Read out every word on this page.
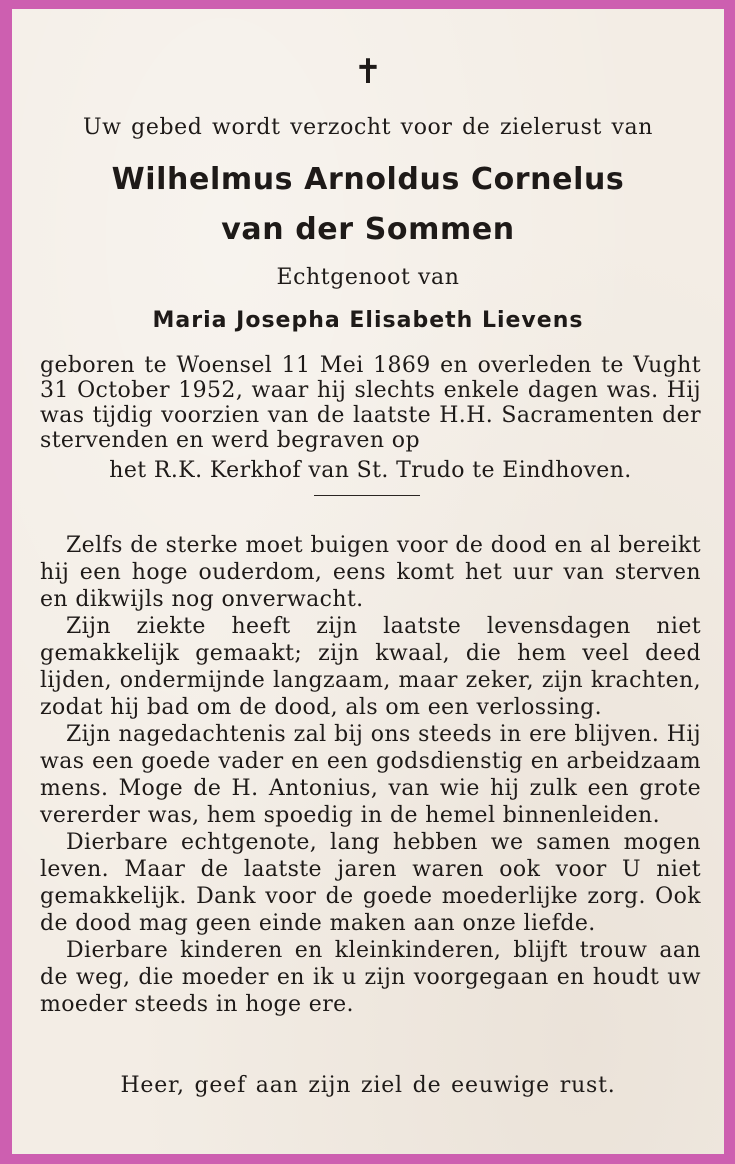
✝
Uw gebed wordt verzocht voor de zielerust van
Wilhelmus Arnoldus Cornelus
van der Sommen
Echtgenoot van
Maria Josepha Elisabeth Lievens
geboren te Woensel 11 Mei 1869 en overleden te Vught 31 October 1952, waar hij slechts enkele dagen was. Hij was tijdig voorzien van de laatste H.H. Sacramenten der stervenden en werd begraven op
het R.K. Kerkhof van St. Trudo te Eindhoven.

Zelfs de sterke moet buigen voor de dood en al bereikt hij een hoge ouderdom, eens komt het uur van sterven en dikwijls nog onverwacht.

Zijn ziekte heeft zijn laatste levensdagen niet gemakkelijk gemaakt; zijn kwaal, die hem veel deed lijden, ondermijnde langzaam, maar zeker, zijn krachten, zodat hij bad om de dood, als om een verlossing.

Zijn nagedachtenis zal bij ons steeds in ere blijven. Hij was een goede vader en een godsdienstig en arbeidzaam mens. Moge de H. Antonius, van wie hij zulk een grote vererder was, hem spoedig in de hemel binnenleiden.

Dierbare echtgenote, lang hebben we samen mogen leven. Maar de laatste jaren waren ook voor U niet gemakkelijk. Dank voor de goede moederlijke zorg. Ook de dood mag geen einde maken aan onze liefde.

Dierbare kinderen en kleinkinderen, blijft trouw aan de weg, die moeder en ik u zijn voorgegaan en houdt uw moeder steeds in hoge ere.

Heer, geef aan zijn ziel de eeuwige rust.
